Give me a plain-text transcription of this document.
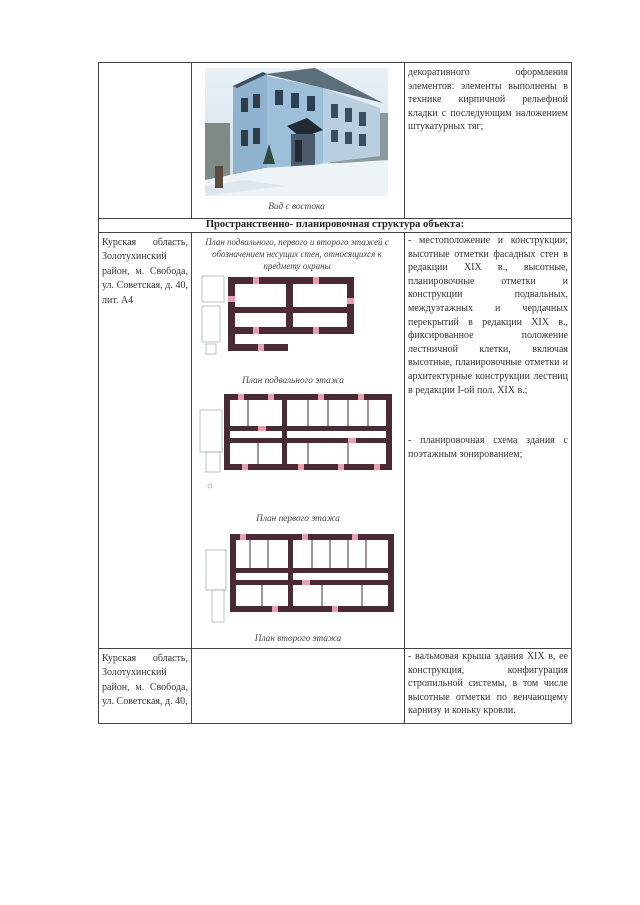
Вид с востока
декоративного оформления элементов: элементы выполнены в технике кирпичной рельефной кладки с последующим наложением штукатурных тяг;
Пространственно- планировочная структура объекта:
Курская область, Золотухинский район, м. Свобода, ул. Советская, д. 40, лит. А4
План подвального, первого и второго этажей с обозначением несущих стен, относящихся к предмету охраны
План подвального этажа
План первого этажа
План второго этажа
- местоположение и конструкции; высотные отметки фасадных стен в редакции XIX в., высотные, планировочные отметки и конструкции подвальных, междуэтажных и чердачных перекрытий в редакции XIX в., фиксированное положение лестничной клетки, включая высотные, планировочные отметки и архитектурные конструкции лестниц в редакции I-ой пол. XIX в.;
- планировочная схема здания с поэтажным зонированием;
Курская область, Золотухинский район, м. Свобода, ул. Советская, д. 40,
- вальмовая крыша здания XIX в, ее конструкция, конфигурация стропильной системы, в том числе высотные отметки по венчающему карнизу и коньку кровли.
